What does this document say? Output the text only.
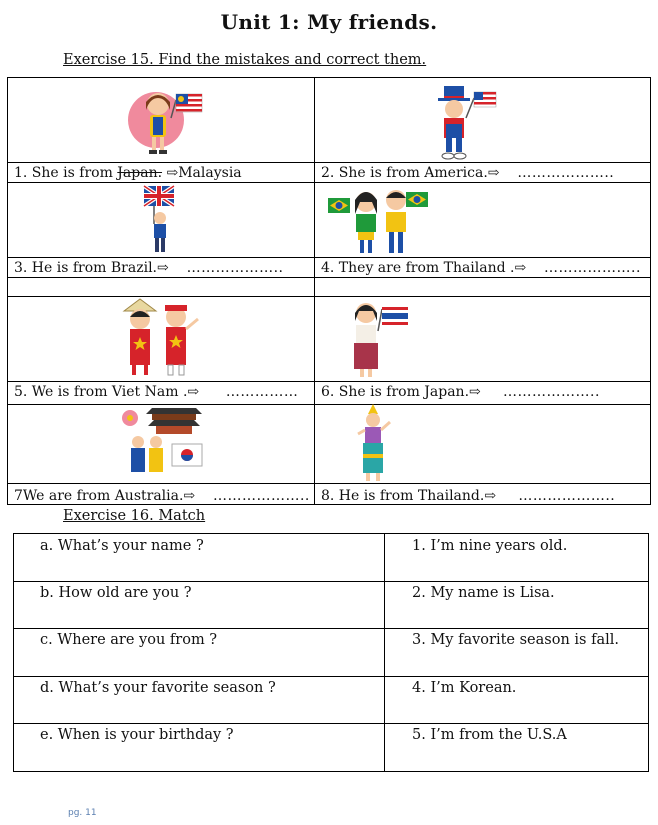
Unit 1: My friends.
Exercise 15. Find the mistakes and correct them.
1. She is from Japan. ⇨Malaysia	2. She is from America.⇨ ………………..
3. He is from Brazil.⇨ ………………..	4. They are from Thailand .⇨ ………………..
5. We is from Viet Nam .⇨ …………… 6. She is from Japan.⇨ ………………..
7We are from Australia.⇨ ……………….. 8. He is from Thailand.⇨ ………………..
Exercise 16. Match
a. What’s your name ?
b. How old are you ?
c. Where are you from ?
d. What’s your favorite season ?
e. When is your birthday ?
1. I’m nine years old.
2. My name is Lisa.
3. My favorite season is fall.
4. I’m Korean.
5. I’m from the U.S.A
pg. 11
